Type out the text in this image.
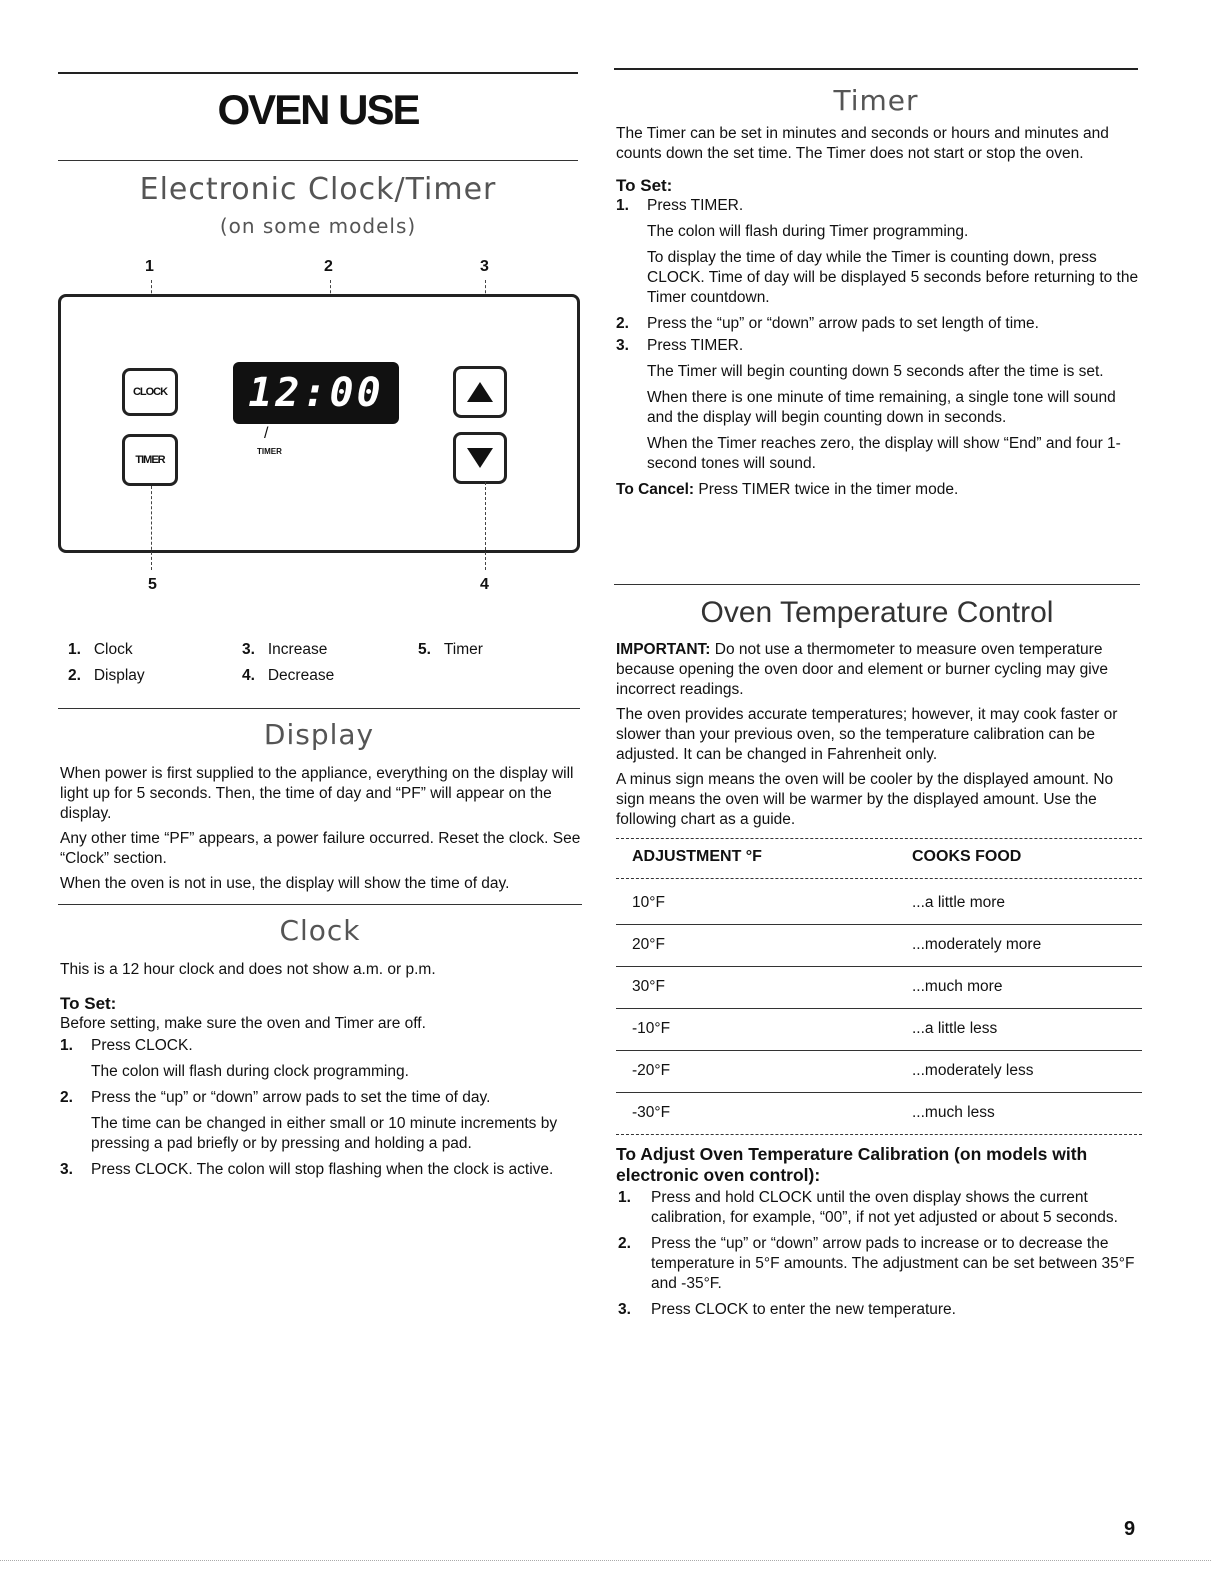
OVEN USE
Electronic Clock/Timer
(on some models)
1	2	3
CLOCK
TIMER
12:00
/
TIMER
5	4
1. Clock
2. Display
3. Increase
4. Decrease
5. Timer
Display

When power is first supplied to the appliance, everything on the display will light up for 5 seconds. Then, the time of day and “PF” will appear on the display.

Any other time “PF” appears, a power failure occurred. Reset the clock. See “Clock” section.

When the oven is not in use, the display will show the time of day.

Clock

This is a 12 hour clock and does not show a.m. or p.m.

To Set:

Before setting, make sure the oven and Timer are off.

1. Press CLOCK.

The colon will flash during clock programming.

2. Press the “up” or “down” arrow pads to set the time of day.

The time can be changed in either small or 10 minute increments by pressing a pad briefly or by pressing and holding a pad.

3. Press CLOCK. The colon will stop flashing when the clock is active.
Timer

The Timer can be set in minutes and seconds or hours and minutes and counts down the set time. The Timer does not start or stop the oven.

To Set:

1. Press TIMER.

The colon will flash during Timer programming.

To display the time of day while the Timer is counting down, press CLOCK. Time of day will be displayed 5 seconds before returning to the Timer countdown.

2. Press the “up” or “down” arrow pads to set length of time.
3. Press TIMER.

The Timer will begin counting down 5 seconds after the time is set.

When there is one minute of time remaining, a single tone will sound and the display will begin counting down in seconds.

When the Timer reaches zero, the display will show “End” and four 1-second tones will sound.

To Cancel: Press TIMER twice in the timer mode.

Oven Temperature Control

IMPORTANT: Do not use a thermometer to measure oven temperature because opening the oven door and element or burner cycling may give incorrect readings.

The oven provides accurate temperatures; however, it may cook faster or slower than your previous oven, so the temperature calibration can be adjusted. It can be changed in Fahrenheit only.

A minus sign means the oven will be cooler by the displayed amount. No sign means the oven will be warmer by the displayed amount. Use the following chart as a guide.

ADJUSTMENT °F	COOKS FOOD
10°F	...a little more
20°F	...moderately more
30°F	...much more
-10°F	...a little less
-20°F	...moderately less
-30°F	...much less
To Adjust Oven Temperature Calibration (on models with electronic oven control):
1. Press and hold CLOCK until the oven display shows the current calibration, for example, “00”, if not yet adjusted or about 5 seconds.
2. Press the “up” or “down” arrow pads to increase or to decrease the temperature in 5°F amounts. The adjustment can be set between 35°F and -35°F.
3. Press CLOCK to enter the new temperature.
9
